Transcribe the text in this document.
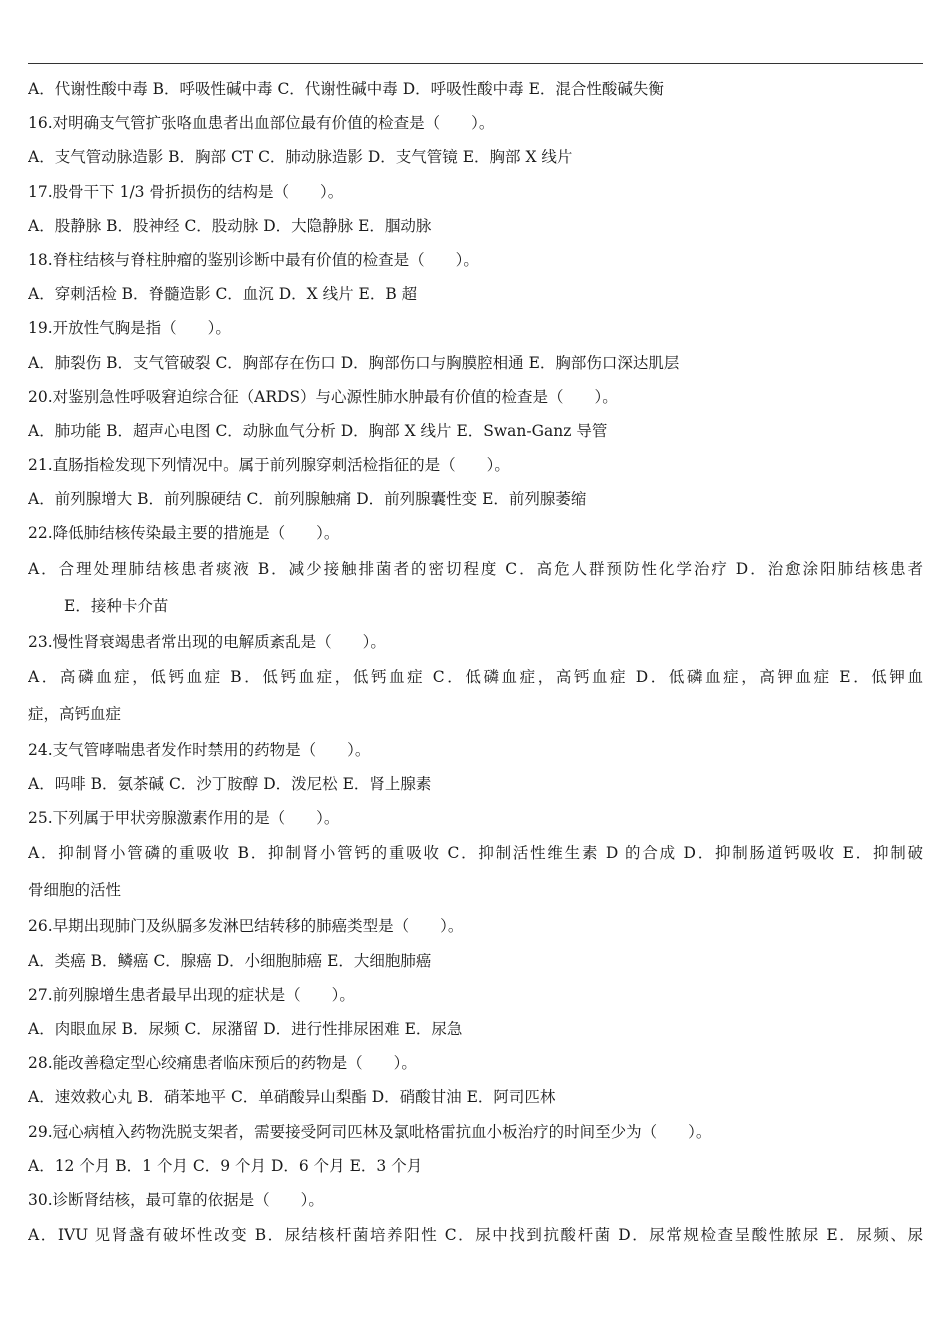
A．代谢性酸中毒 B．呼吸性碱中毒 C．代谢性碱中毒 D．呼吸性酸中毒 E．混合性酸碱失衡
16.对明确支气管扩张咯血患者出血部位最有价值的检查是（　　）。
A．支气管动脉造影 B．胸部 CT C．肺动脉造影 D．支气管镜 E．胸部 X 线片
17.股骨干下 1/3 骨折损伤的结构是（　　）。
A．股静脉 B．股神经 C．股动脉 D．大隐静脉 E．腘动脉
18.脊柱结核与脊柱肿瘤的鉴别诊断中最有价值的检查是（　　）。
A．穿刺活检 B．脊髓造影 C．血沉 D．X 线片 E．B 超
19.开放性气胸是指（　　）。
A．肺裂伤 B．支气管破裂 C．胸部存在伤口 D．胸部伤口与胸膜腔相通 E．胸部伤口深达肌层
20.对鉴别急性呼吸窘迫综合征（ARDS）与心源性肺水肿最有价值的检查是（　　）。
A．肺功能 B．超声心电图 C．动脉血气分析 D．胸部 X 线片 E．Swan-Ganz 导管
21.直肠指检发现下列情况中。属于前列腺穿刺活检指征的是（　　）。
A．前列腺增大 B．前列腺硬结 C．前列腺触痛 D．前列腺囊性变 E．前列腺萎缩
22.降低肺结核传染最主要的措施是（　　）。
A．合理处理肺结核患者痰液 B．减少接触排菌者的密切程度 C．高危人群预防性化学治疗 D．治愈涂阳肺结核患者
E．接种卡介苗
23.慢性肾衰竭患者常出现的电解质紊乱是（　　）。
A．高磷血症，低钙血症 B．低钙血症，低钙血症 C．低磷血症，高钙血症 D．低磷血症，高钾血症 E．低钾血
症，高钙血症
24.支气管哮喘患者发作时禁用的药物是（　　）。
A．吗啡 B．氨茶碱 C．沙丁胺醇 D．泼尼松 E．肾上腺素
25.下列属于甲状旁腺激素作用的是（　　）。
A．抑制肾小管磷的重吸收 B．抑制肾小管钙的重吸收 C．抑制活性维生素 D 的合成 D．抑制肠道钙吸收 E．抑制破
骨细胞的活性
26.早期出现肺门及纵膈多发淋巴结转移的肺癌类型是（　　）。
A．类癌 B．鳞癌 C．腺癌 D．小细胞肺癌 E．大细胞肺癌
27.前列腺增生患者最早出现的症状是（　　）。
A．肉眼血尿 B．尿频 C．尿潴留 D．进行性排尿困难 E．尿急
28.能改善稳定型心绞痛患者临床预后的药物是（　　）。
A．速效救心丸 B．硝苯地平 C．单硝酸异山梨酯 D．硝酸甘油 E．阿司匹林
29.冠心病植入药物洗脱支架者，需要接受阿司匹林及氯吡格雷抗血小板治疗的时间至少为（　　）。
A．12 个月 B．1 个月 C．9 个月 D．6 个月 E．3 个月
30.诊断肾结核，最可靠的依据是（　　）。
A．IVU 见肾盏有破坏性改变 B．尿结核杆菌培养阳性 C．尿中找到抗酸杆菌 D．尿常规检查呈酸性脓尿 E．尿频、尿
